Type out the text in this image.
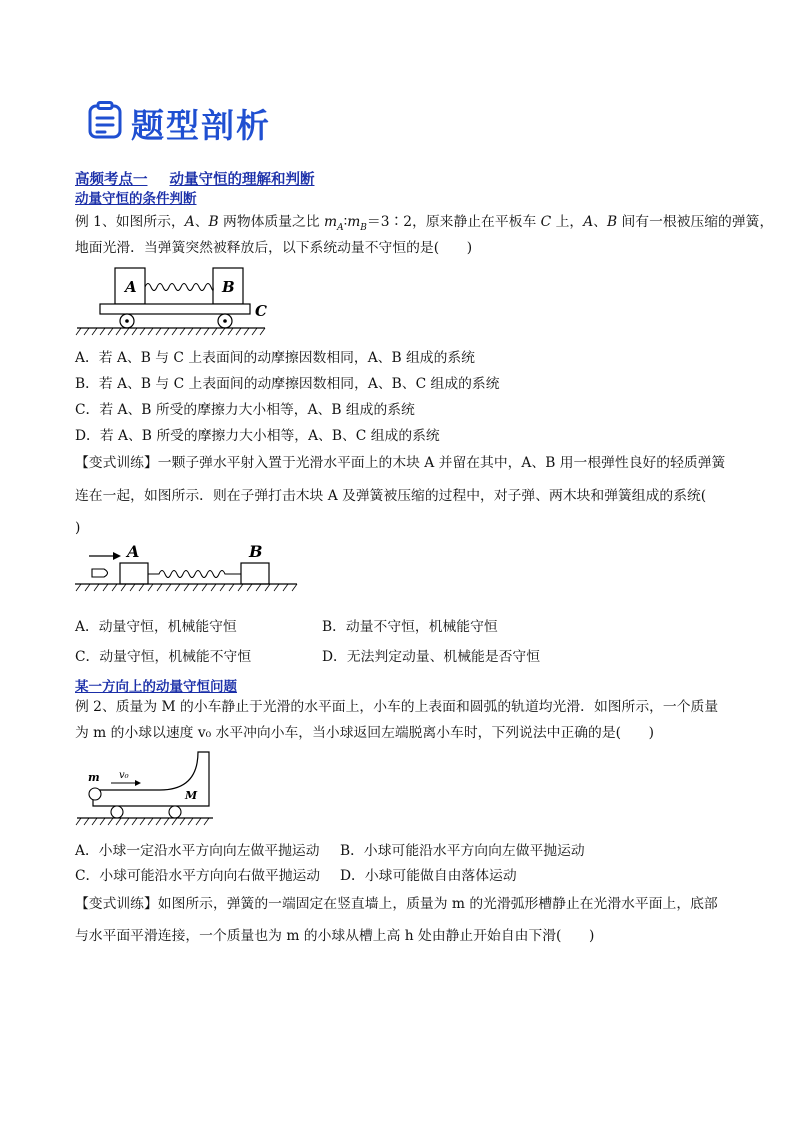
题型剖析
高频考点一 动量守恒的理解和判断
动量守恒的条件判断
例 1、如图所示，A、B 两物体质量之比 $m_A∶m_B=3∶2$，原来静止在平板车 C 上，A、B 间有一根被压缩的弹簧，
地面光滑．当弹簧突然被释放后，以下系统动量不守恒的是(　　)
A	B
C
A．若 A、B 与 C 上表面间的动摩擦因数相同，A、B 组成的系统
B．若 A、B 与 C 上表面间的动摩擦因数相同，A、B、C 组成的系统
C．若 A、B 所受的摩擦力大小相等，A、B 组成的系统
D．若 A、B 所受的摩擦力大小相等，A、B、C 组成的系统
【变式训练】一颗子弹水平射入置于光滑水平面上的木块 A 并留在其中，A、B 用一根弹性良好的轻质弹簧
连在一起，如图所示．则在子弹打击木块 A 及弹簧被压缩的过程中，对子弹、两木块和弹簧组成的系统(
)
A	B
A．动量守恒，机械能守恒	B．动量不守恒，机械能守恒
C．动量守恒，机械能不守恒	D．无法判定动量、机械能是否守恒
某一方向上的动量守恒问题
例 2、质量为 M 的小车静止于光滑的水平面上，小车的上表面和圆弧的轨道均光滑．如图所示，一个质量
为 m 的小球以速度 v₀ 水平冲向小车，当小球返回左端脱离小车时，下列说法中正确的是(　　)
m v₀
M
A．小球一定沿水平方向向左做平抛运动 B．小球可能沿水平方向向左做平抛运动
C．小球可能沿水平方向向右做平抛运动 D．小球可能做自由落体运动
【变式训练】如图所示，弹簧的一端固定在竖直墙上，质量为 m 的光滑弧形槽静止在光滑水平面上，底部
与水平面平滑连接，一个质量也为 m 的小球从槽上高 h 处由静止开始自由下滑(　　)
